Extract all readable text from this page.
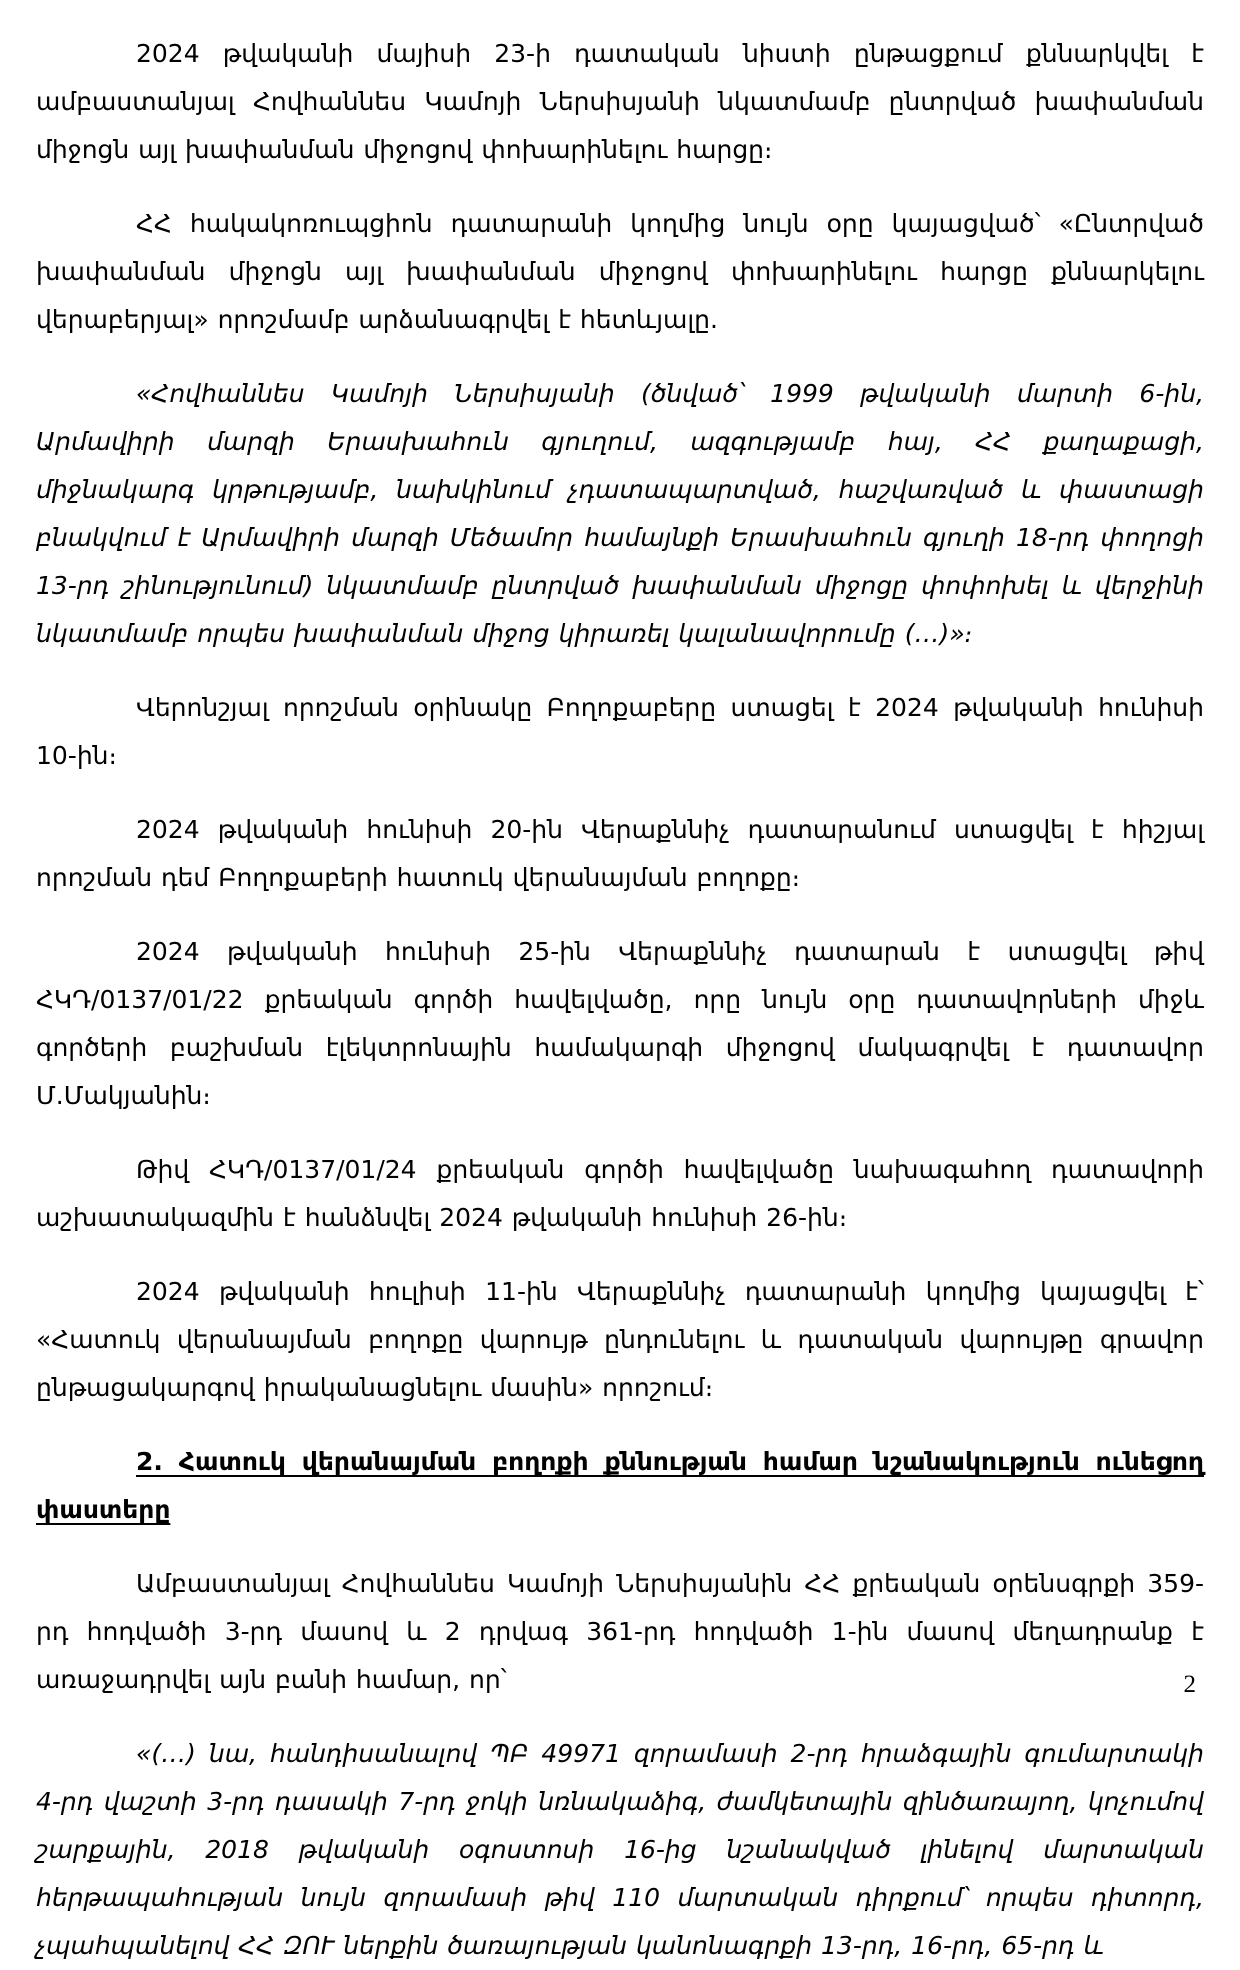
2024 թվականի մայիսի 23-ի դատական նիստի ընթացքում քննարկվել է ամբաստանյալ Հովհաննես Կամոյի Ներսիսյանի նկատմամբ ընտրված խափանման միջոցն այլ խափանման միջոցով փոխարինելու հարցը։

ՀՀ հակակոռուպցիոն դատարանի կողմից նույն օրը կայացված՝ «Ընտրված խափանման միջոցն այլ խափանման միջոցով փոխարինելու հարցը քննարկելու վերաբերյալ» որոշմամբ արձանագրվել է հետևյալը.

«Հովհաննես Կամոյի Ներսիսյանի (ծնված՝ 1999 թվականի մարտի 6-ին, Արմավիրի մարզի Երասխահուն գյուղում, ազգությամբ հայ, ՀՀ քաղաքացի, միջնակարգ կրթությամբ, նախկինում չդատապարտված, հաշվառված և փաստացի բնակվում է Արմավիրի մարզի Մեծամոր համայնքի Երասխահուն գյուղի 18-րդ փողոցի 13-րդ շինությունում) նկատմամբ ընտրված խափանման միջոցը փոփոխել և վերջինի նկատմամբ որպես խափանման միջոց կիրառել կալանավորումը (…)»։

Վերոնշյալ որոշման օրինակը Բողոքաբերը ստացել է 2024 թվականի հունիսի 10-ին։

2024 թվականի հունիսի 20-ին Վերաքննիչ դատարանում ստացվել է հիշյալ որոշման դեմ Բողոքաբերի հատուկ վերանայման բողոքը։

2024 թվականի հունիսի 25-ին Վերաքննիչ դատարան է ստացվել թիվ ՀԿԴ/0137/01/22 քրեական գործի հավելվածը, որը նույն օրը դատավորների միջև գործերի բաշխման էլեկտրոնային համակարգի միջոցով մակագրվել է դատավոր Մ.Մակյանին։

Թիվ ՀԿԴ/0137/01/24 քրեական գործի հավելվածը նախագահող դատավորի աշխատակազմին է հանձնվել 2024 թվականի հունիսի 26-ին։

2024 թվականի հուլիսի 11-ին Վերաքննիչ դատարանի կողմից կայացվել է՝ «Հատուկ վերանայման բողոքը վարույթ ընդունելու և դատական վարույթը գրավոր ընթացակարգով իրականացնելու մասին» որոշում։

2. Հատուկ վերանայման բողոքի քննության համար նշանակություն ունեցող փաստերը

Ամբաստանյալ Հովհաննես Կամոյի Ներսիսյանին ՀՀ քրեական օրենսգրքի 359-րդ հոդվածի 3-րդ մասով և 2 դրվագ 361-րդ հոդվածի 1-ին մասով մեղադրանք է առաջադրվել այն բանի համար, որ՝

«(…) նա, հանդիսանալով ՊԲ 49971 զորամասի 2-րդ հրաձգային գումարտակի 4-րդ վաշտի 3-րդ դասակի 7-րդ ջոկի նռնակաձիգ, ժամկետային զինծառայող, կոչումով շարքային, 2018 թվականի օգոստոսի 16-ից նշանակված լինելով մարտական հերթապահության նույն զորամասի թիվ 110 մարտական դիրքում՝ որպես դիտորդ, չպահպանելով ՀՀ ԶՈՒ ներքին ծառայության կանոնագրքի 13-րդ, 16-րդ, 65-րդ և

2
